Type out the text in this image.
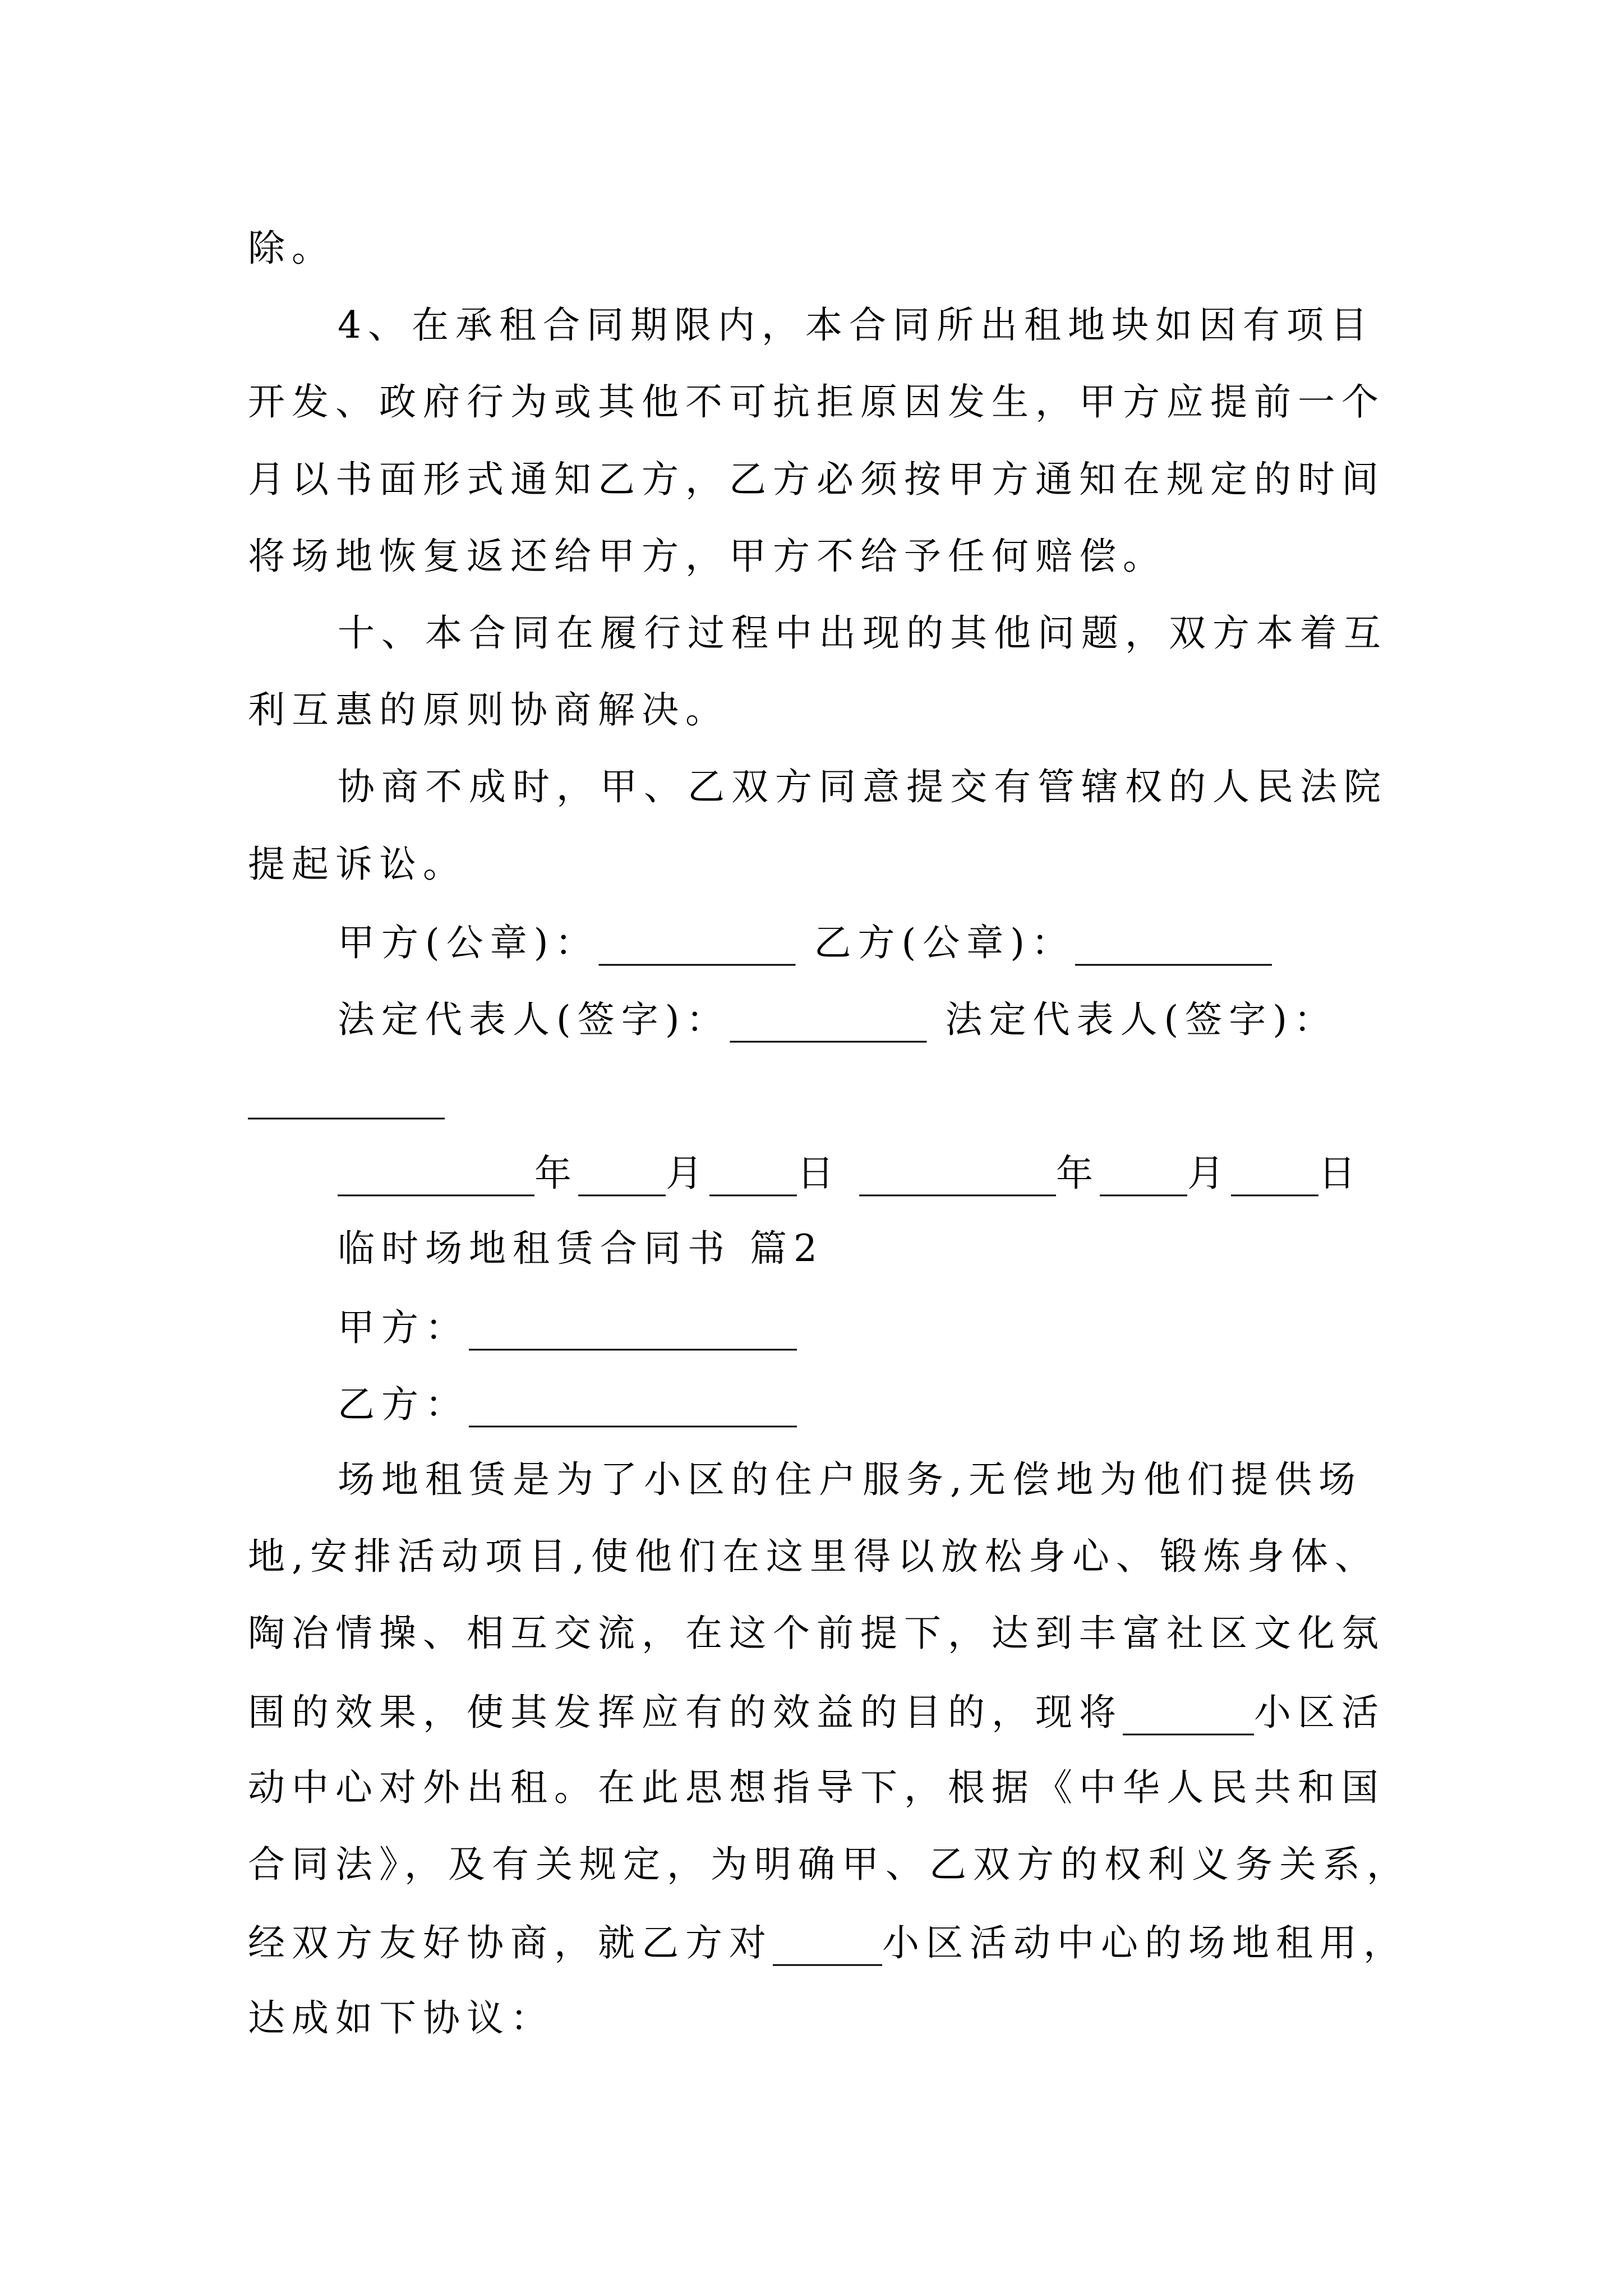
除。
4、在承租合同期限内，本合同所出租地块如因有项目
开发、政府行为或其他不可抗拒原因发生，甲方应提前一个
月以书面形式通知乙方，乙方必须按甲方通知在规定的时间
将场地恢复返还给甲方，甲方不给予任何赔偿。
十、本合同在履行过程中出现的其他问题，双方本着互
利互惠的原则协商解决。
协商不成时，甲、乙双方同意提交有管辖权的人民法院
提起诉讼。
甲方(公章)：_________ 乙方(公章)：_________
法定代表人(签字)：_________ 法定代表人(签字)：
_________
_________年____月____日 _________年____月____日
临时场地租赁合同书 篇2
甲方：_______________
乙方：_______________
场地租赁是为了小区的住户服务,无偿地为他们提供场
地,安排活动项目,使他们在这里得以放松身心、锻炼身体、
陶冶情操、相互交流，在这个前提下，达到丰富社区文化氛
围的效果，使其发挥应有的效益的目的，现将______小区活
动中心对外出租。在此思想指导下，根据《中华人民共和国
合同法》，及有关规定，为明确甲、乙双方的权利义务关系，
经双方友好协商，就乙方对_____小区活动中心的场地租用，
达成如下协议：
